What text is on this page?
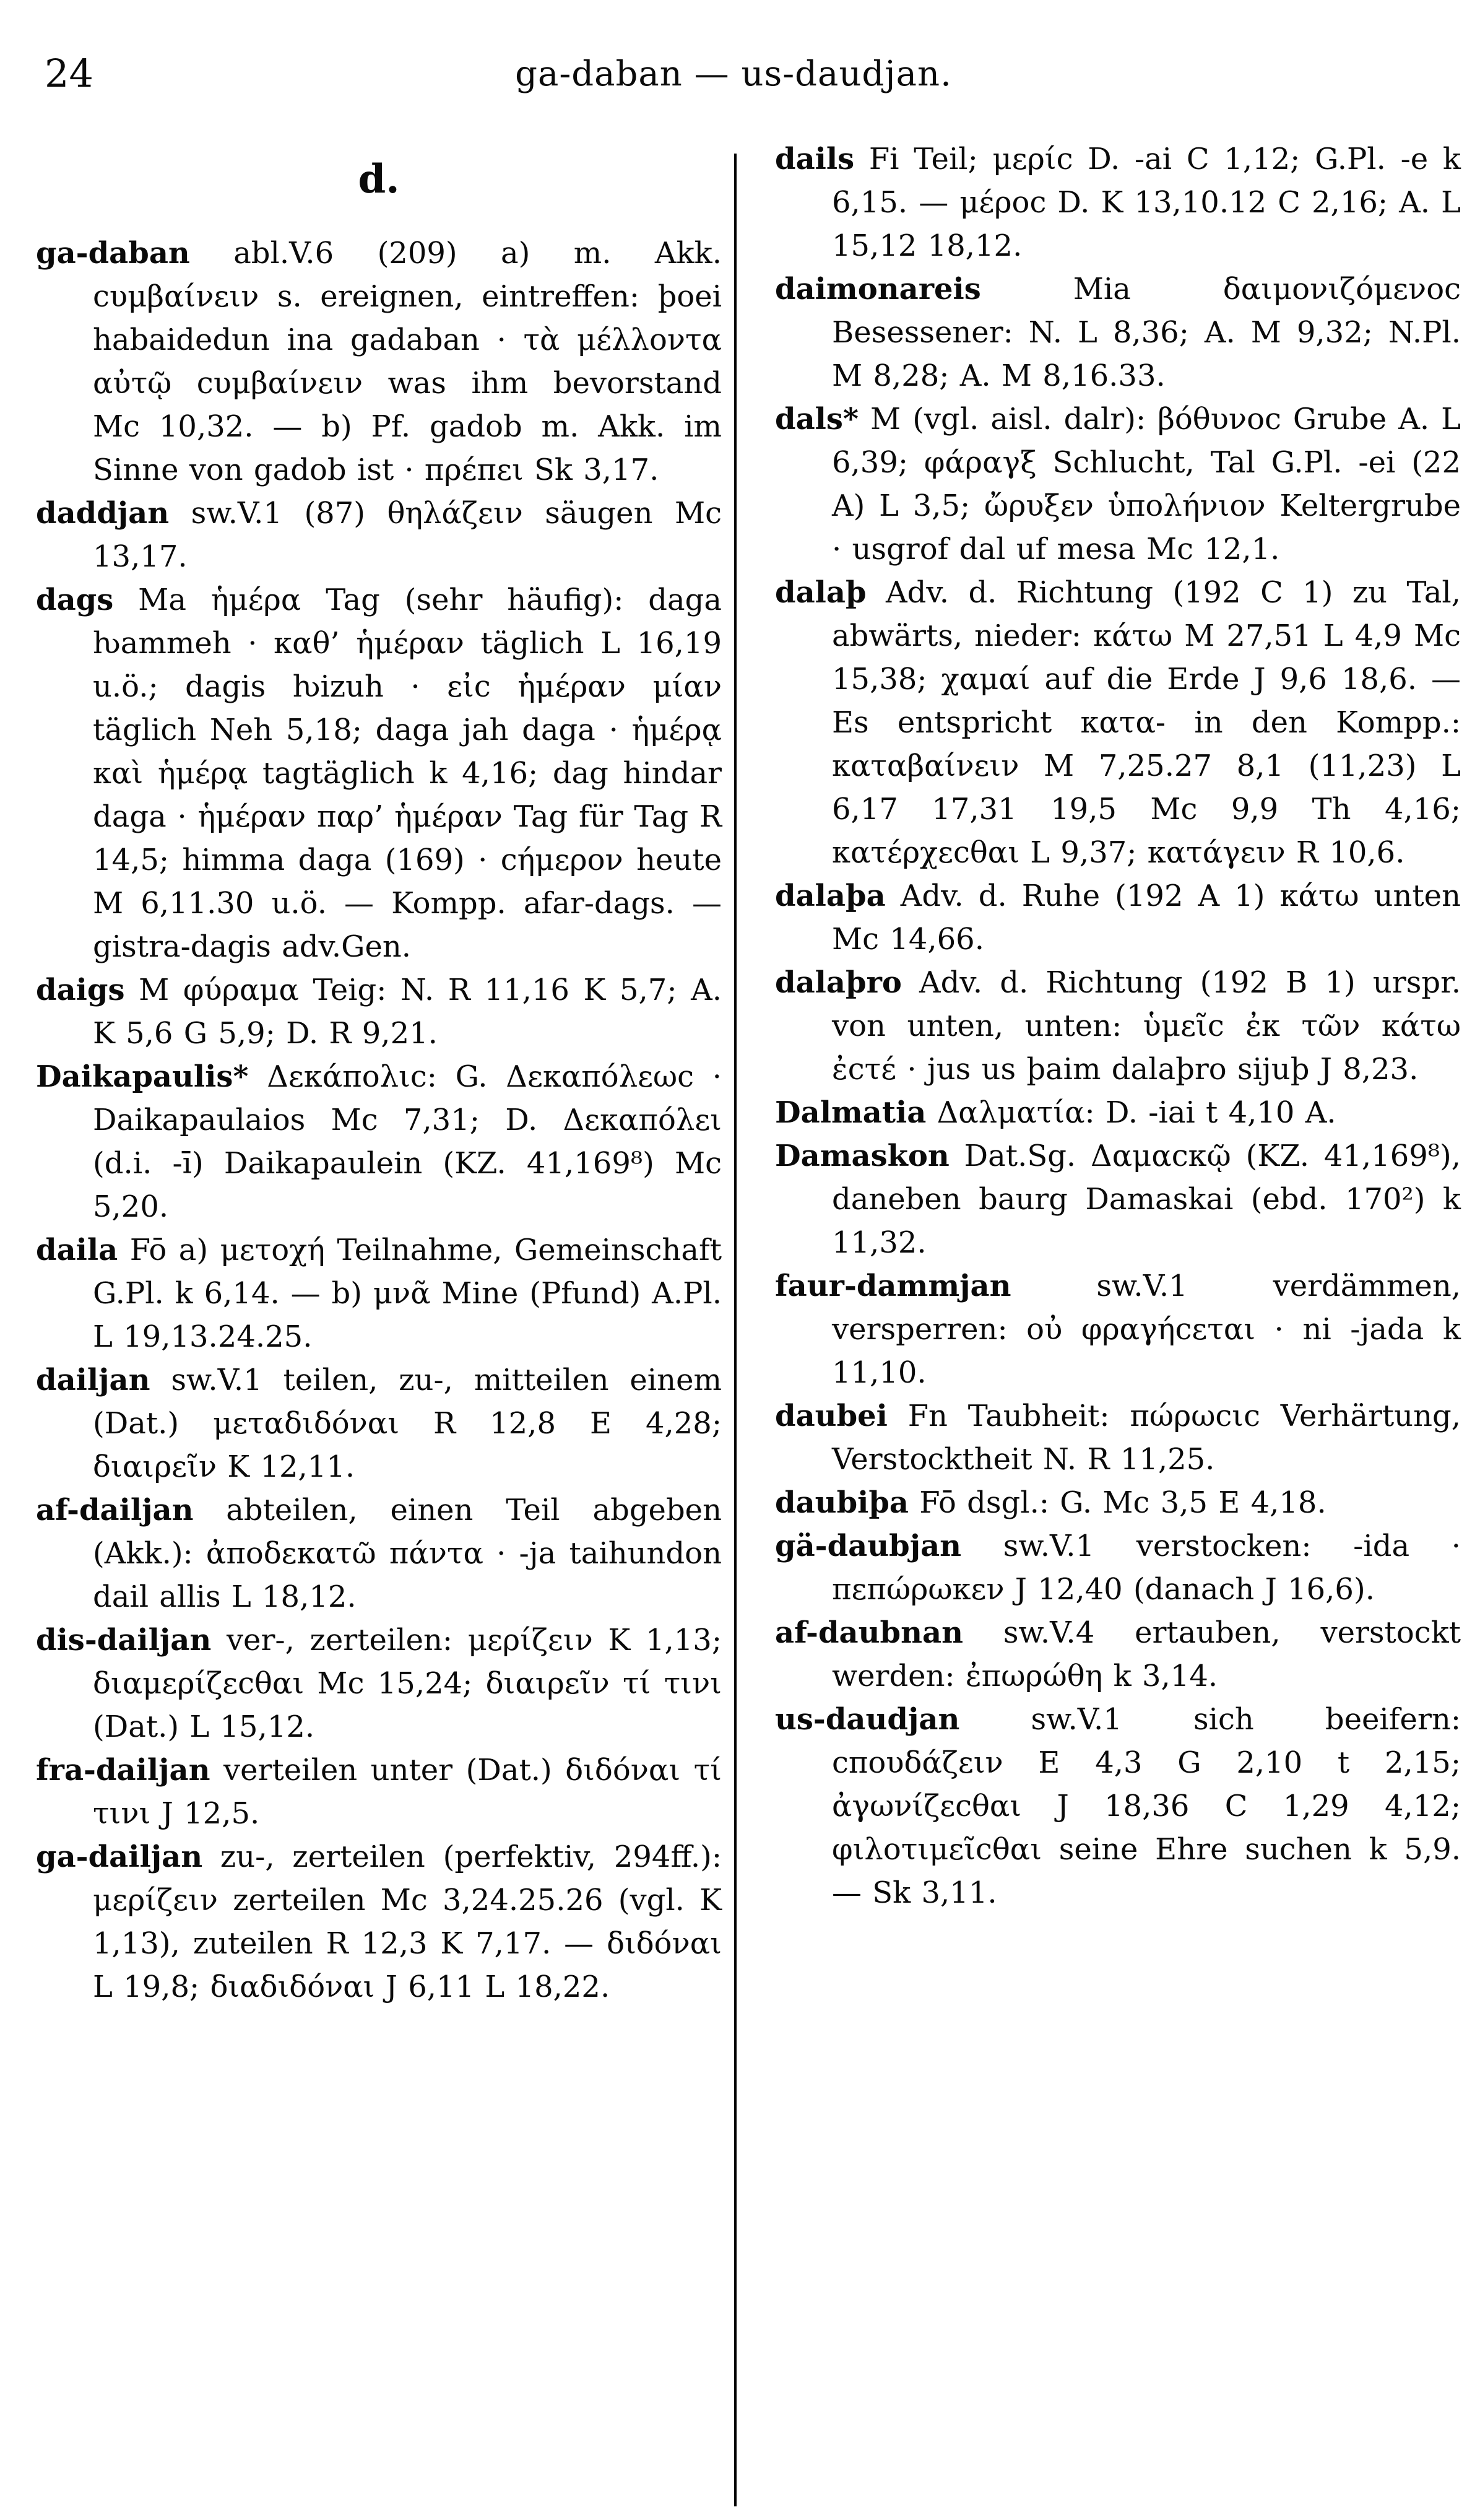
24	ga-daban — us-daudjan.

d.

ga-daban abl.V.6 (209) a) m. Akk. cυμβαίνειν s. ereignen, eintreffen: þoei habaidedun ina gadaban · τὰ μέλλοντα αὐτῷ cυμβαίνειν was ihm bevorstand Mc 10,32. — b) Pf. gadob m. Akk. im Sinne von gadob ist · πρέπει Sk 3,17.

daddjan sw.V.1 (87) θηλάζειν säugen Mc 13,17.

dags Ma ἡμέρα Tag (sehr häufig): daga ƕammeh · καθ’ ἡμέραν täglich L 16,19 u.ö.; dagis ƕizuh · εἰc ἡμέραν μίαν täglich Neh 5,18; daga jah daga · ἡμέρᾳ καὶ ἡμέρᾳ tagtäglich k 4,16; dag hindar daga · ἡμέραν παρ’ ἡμέραν Tag für Tag R 14,5; himma daga (169) · cήμερον heute M 6,11.30 u.ö. — Kompp. afar-dags. — gistra-dagis adv.Gen.

daigs M φύραμα Teig: N. R 11,16 K 5,7; A. K 5,6 G 5,9; D. R 9,21.

Daikapaulis* Δεκάπολιc: G. Δεκαπόλεωc · Daikapaulaios Mc 7,31; D. Δεκαπόλει (d.i. -ī) Daikapaulein (KZ. 41,169⁸) Mc 5,20.

daila Fō a) μετοχή Teilnahme, Gemeinschaft G.Pl. k 6,14. — b) μνᾶ Mine (Pfund) A.Pl. L 19,13.24.25.

dailjan sw.V.1 teilen, zu-, mitteilen einem (Dat.) μεταδιδόναι R 12,8 E 4,28; διαιρεῖν K 12,11.

af-dailjan abteilen, einen Teil abgeben (Akk.): ἀποδεκατῶ πάντα · -ja taihundon dail allis L 18,12.

dis-dailjan ver-, zerteilen: μερίζειν K 1,13; διαμερίζεcθαι Mc 15,24; διαιρεῖν τί τινι (Dat.) L 15,12.

fra-dailjan verteilen unter (Dat.) διδόναι τί τινι J 12,5.

ga-dailjan zu-, zerteilen (perfektiv, 294ff.): μερίζειν zerteilen Mc 3,24.25.26 (vgl. K 1,13), zuteilen R 12,3 K 7,17. — διδόναι L 19,8; διαδιδόναι J 6,11 L 18,22.

dails Fi Teil; μερίc D. -ai C 1,12; G.Pl. -e k 6,15. — μέροc D. K 13,10.12 C 2,16; A. L 15,12 18,12.

daimonareis	Mia δαιμονιζόμενοc Besessener: N. L 8,36; A. M 9,32; N.Pl. M 8,28; A. M 8,16.33.

dals* M (vgl. aisl. dalr): βόθυνοc Grube A. L 6,39; φάραγξ Schlucht, Tal G.Pl. -ei (22 A) L 3,5; ὤρυξεν ὑπολήνιον Keltergrube · usgrof dal uf mesa Mc 12,1.

dalaþ Adv. d. Richtung (192 C 1) zu Tal, abwärts, nieder: κάτω M 27,51 L 4,9 Mc 15,38; χαμαί auf die Erde J 9,6 18,6. — Es entspricht κατα- in den Kompp.: καταβαίνειν M 7,25.27 8,1 (11,23) L 6,17 17,31 19,5 Mc 9,9 Th 4,16; κατέρχεcθαι L 9,37; κατάγειν R 10,6.

dalaþa Adv. d. Ruhe (192 A 1) κάτω unten Mc 14,66.

dalaþro Adv. d. Richtung (192 B 1) urspr. von unten, unten: ὑμεῖc ἐκ τῶν κάτω ἐcτέ · jus us þaim dalaþro sijuþ J 8,23.

Dalmatia Δαλματία: D. -iai t 4,10 A.

Damaskon Dat.Sg. Δαμαcκῷ (KZ. 41,169⁸), daneben baurg Damaskai (ebd. 170²) k 11,32.

faur-dammjan	sw.V.1 verdämmen, versperren: οὐ φραγήcεται · ni -jada k 11,10.

daubei Fn Taubheit: πώρωcιc Verhärtung, Verstocktheit N. R 11,25.

daubiþa Fō dsgl.: G. Mc 3,5 E 4,18.

gä-daubjan sw.V.1 verstocken: -ida · πεπώρωκεν J 12,40 (danach J 16,6).

af-daubnan sw.V.4 ertauben, verstockt werden: ἐπωρώθη k 3,14.

us-daudjan sw.V.1 sich beeifern: cπουδάζειν E 4,3 G 2,10 t 2,15; ἀγωνίζεcθαι J 18,36 C 1,29 4,12; φιλοτιμεῖcθαι seine Ehre suchen k 5,9. — Sk 3,11.
